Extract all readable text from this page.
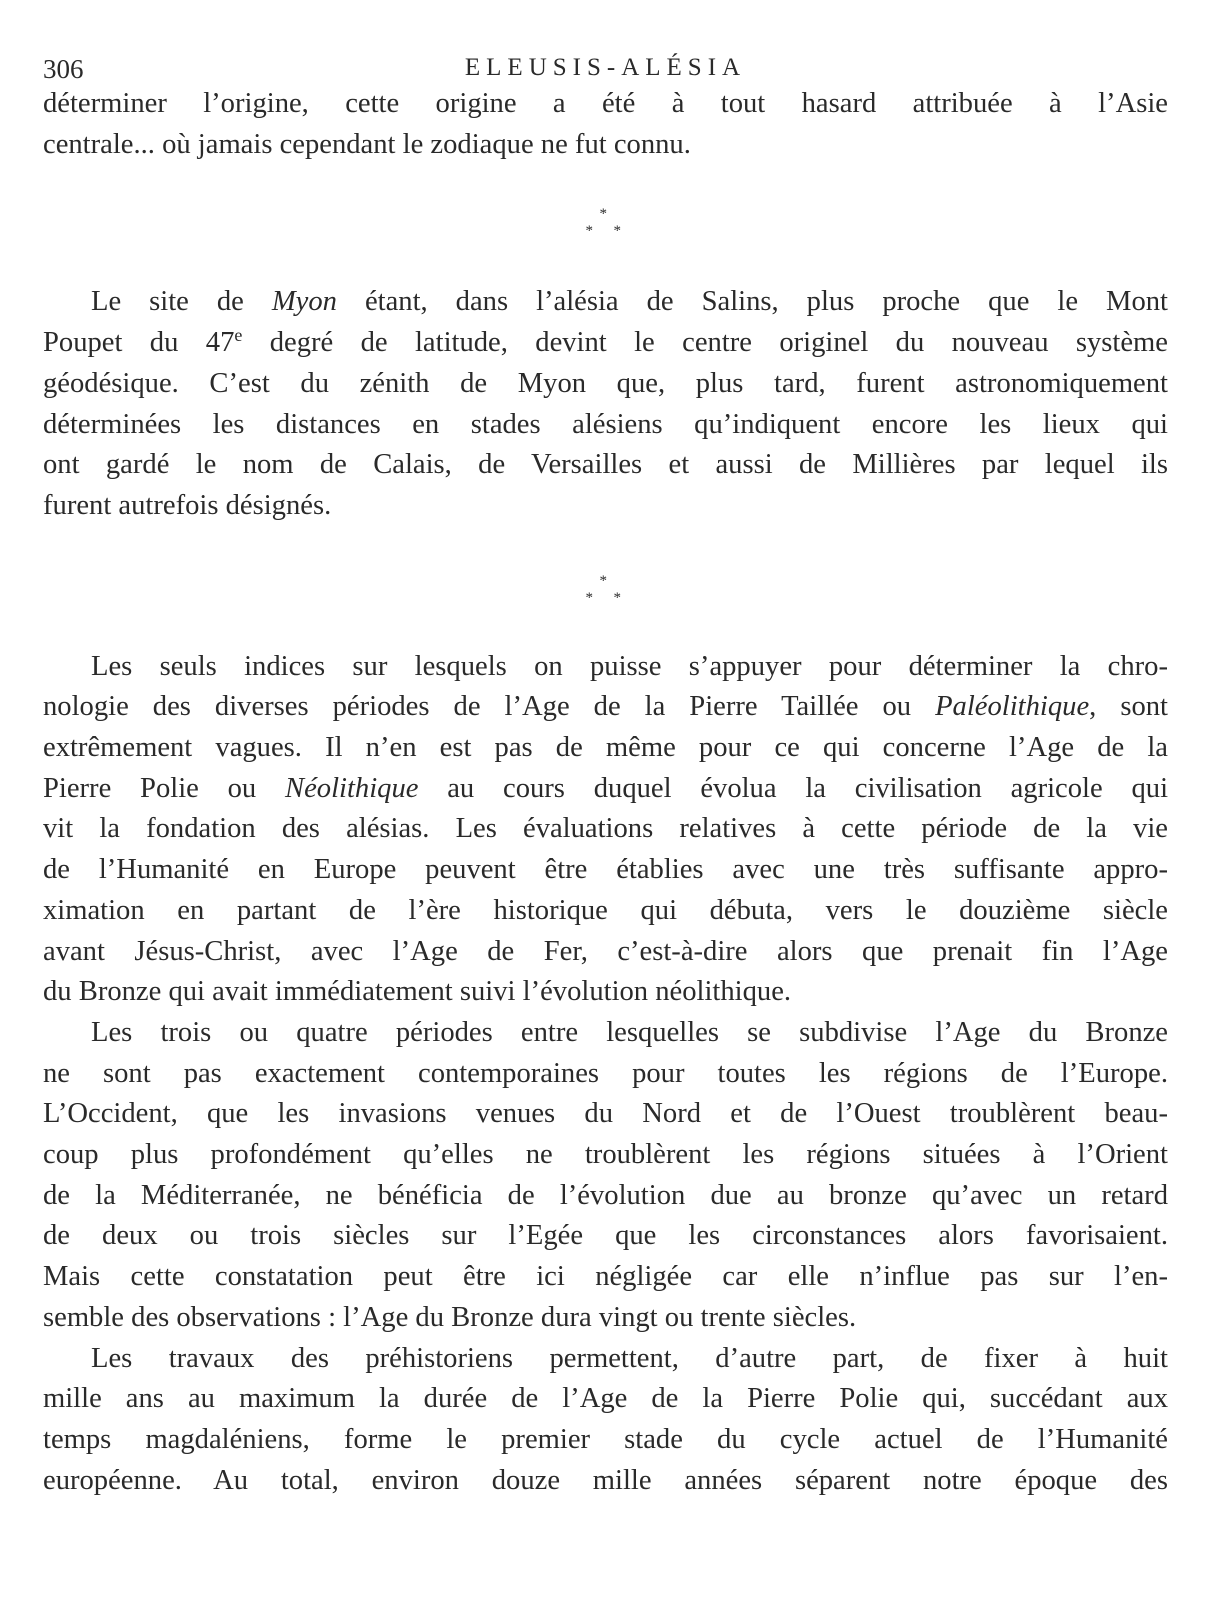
306	ELEUSIS-ALÉSIA
déterminer l’origine, cette origine a été à tout hasard attribuée à l’Asie
centrale... où jamais cependant le zodiaque ne fut connu.
*
* *
Le site de Myon étant, dans l’alésia de Salins, plus proche que le Mont
Poupet du 47e degré de latitude, devint le centre originel du nouveau système
géodésique. C’est du zénith de Myon que, plus tard, furent astronomiquement
déterminées les distances en stades alésiens qu’indiquent encore les lieux qui
ont gardé le nom de Calais, de Versailles et aussi de Millières par lequel ils
furent autrefois désignés.
*
* *
Les seuls indices sur lesquels on puisse s’appuyer pour déterminer la chro-
nologie des diverses périodes de l’Age de la Pierre Taillée ou Paléolithique, sont
extrêmement vagues. Il n’en est pas de même pour ce qui concerne l’Age de la
Pierre Polie ou Néolithique au cours duquel évolua la civilisation agricole qui
vit la fondation des alésias. Les évaluations relatives à cette période de la vie
de l’Humanité en Europe peuvent être établies avec une très suffisante appro-
ximation en partant de l’ère historique qui débuta, vers le douzième siècle
avant Jésus-Christ, avec l’Age de Fer, c’est-à-dire alors que prenait fin l’Age
du Bronze qui avait immédiatement suivi l’évolution néolithique.
Les trois ou quatre périodes entre lesquelles se subdivise l’Age du Bronze
ne sont pas exactement contemporaines pour toutes les régions de l’Europe.
L’Occident, que les invasions venues du Nord et de l’Ouest troublèrent beau-
coup plus profondément qu’elles ne troublèrent les régions situées à l’Orient
de la Méditerranée, ne bénéficia de l’évolution due au bronze qu’avec un retard
de deux ou trois siècles sur l’Egée que les circonstances alors favorisaient.
Mais cette constatation peut être ici négligée car elle n’influe pas sur l’en-
semble des observations : l’Age du Bronze dura vingt ou trente siècles.
Les travaux des préhistoriens permettent, d’autre part, de fixer à huit
mille ans au maximum la durée de l’Age de la Pierre Polie qui, succédant aux
temps magdaléniens, forme le premier stade du cycle actuel de l’Humanité
européenne. Au total, environ douze mille années séparent notre époque des
